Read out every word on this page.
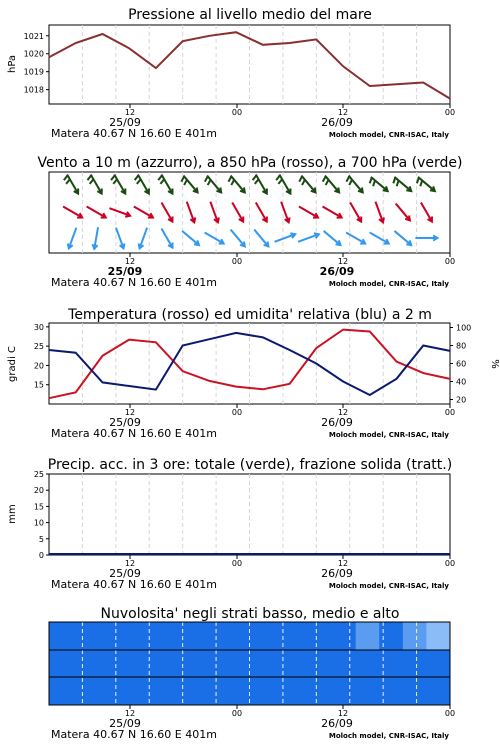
Pressione al livello medio del mare
1018
1019
1020
1021
hPa
12	00	12	00
25/09	26/09
Matera 40.67 N 16.60 E 401m	Moloch model, CNR-ISAC, Italy
Vento a 10 m (azzurro), a 850 hPa (rosso), a 700 hPa (verde)
12	00	12	00
25/09	26/09
Matera 40.67 N 16.60 E 401m	Moloch model, CNR-ISAC, Italy
Temperatura (rosso) ed umidita' relativa (blu) a 2 m
15
20
25
30
20
40
60
80
100
gradi C	%
12	00	12	00
25/09	26/09
Matera 40.67 N 16.60 E 401m	Moloch model, CNR-ISAC, Italy
Precip. acc. in 3 ore: totale (verde), frazione solida (tratt.)
0
5
10
15
20
25
mm
12	00	12	00
25/09	26/09
Matera 40.67 N 16.60 E 401m	Moloch model, CNR-ISAC, Italy
Nuvolosita' negli strati basso, medio e alto
12	00	12	00
25/09	26/09
Matera 40.67 N 16.60 E 401m	Moloch model, CNR-ISAC, Italy
